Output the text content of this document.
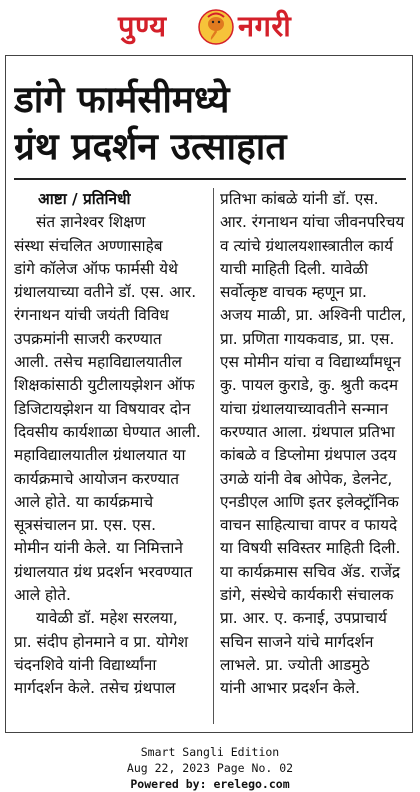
पुण्य नगरी
डांगे फार्मसीमध्ये
ग्रंथ प्रदर्शन उत्साहात
आष्टा / प्रतिनिधी
संत ज्ञानेश्वर शिक्षण
संस्था संचलित अण्णासाहेब
डांगे कॉलेज ऑफ फार्मसी येथे
ग्रंथालयाच्या वतीने डॉ. एस. आर.
रंगनाथन यांची जयंती विविध
उपक्रमांनी साजरी करण्यात
आली. तसेच महाविद्यालयातील
शिक्षकांसाठी युटीलायझेशन ऑफ
डिजिटायझेशन या विषयावर दोन
दिवसीय कार्यशाळा घेण्यात आली.
महाविद्यालयातील ग्रंथालयात या
कार्यक्रमाचे आयोजन करण्यात
आले होते. या कार्यक्रमाचे
सूत्रसंचालन प्रा. एस. एस.
मोमीन यांनी केले. या निमित्ताने
ग्रंथालयात ग्रंथ प्रदर्शन भरवण्यात
आले होते.
यावेळी डॉ. महेश सरलया,
प्रा. संदीप होनमाने व प्रा. योगेश
चंदनशिवे यांनी विद्यार्थ्यांना
मार्गदर्शन केले. तसेच ग्रंथपाल
प्रतिभा कांबळे यांनी डॉ. एस.
आर. रंगनाथन यांचा जीवनपरिचय
व त्यांचे ग्रंथालयशास्त्रातील कार्य
याची माहिती दिली. यावेळी
सर्वोत्कृष्ट वाचक म्हणून प्रा.
अजय माळी, प्रा. अश्विनी पाटील,
प्रा. प्रणिता गायकवाड, प्रा. एस.
एस मोमीन यांचा व विद्यार्थ्यांमधून
कु. पायल कुराडे, कु. श्रुती कदम
यांचा ग्रंथालयाच्यावतीने सन्मान
करण्यात आला. ग्रंथपाल प्रतिभा
कांबळे व डिप्लोमा ग्रंथपाल उदय
उगळे यांनी वेब ओपेक, डेलनेट,
एनडीएल आणि इतर इलेक्ट्रॉनिक
वाचन साहित्याचा वापर व फायदे
या विषयी सविस्तर माहिती दिली.
या कार्यक्रमास सचिव ॲड. राजेंद्र
डांगे, संस्थेचे कार्यकारी संचालक
प्रा. आर. ए. कनाई, उपप्राचार्य
सचिन साजने यांचे मार्गदर्शन
लाभले. प्रा. ज्योती आडमुठे
यांनी आभार प्रदर्शन केले.
Smart Sangli Edition
Aug 22, 2023 Page No. 02
Powered by: erelego.com
